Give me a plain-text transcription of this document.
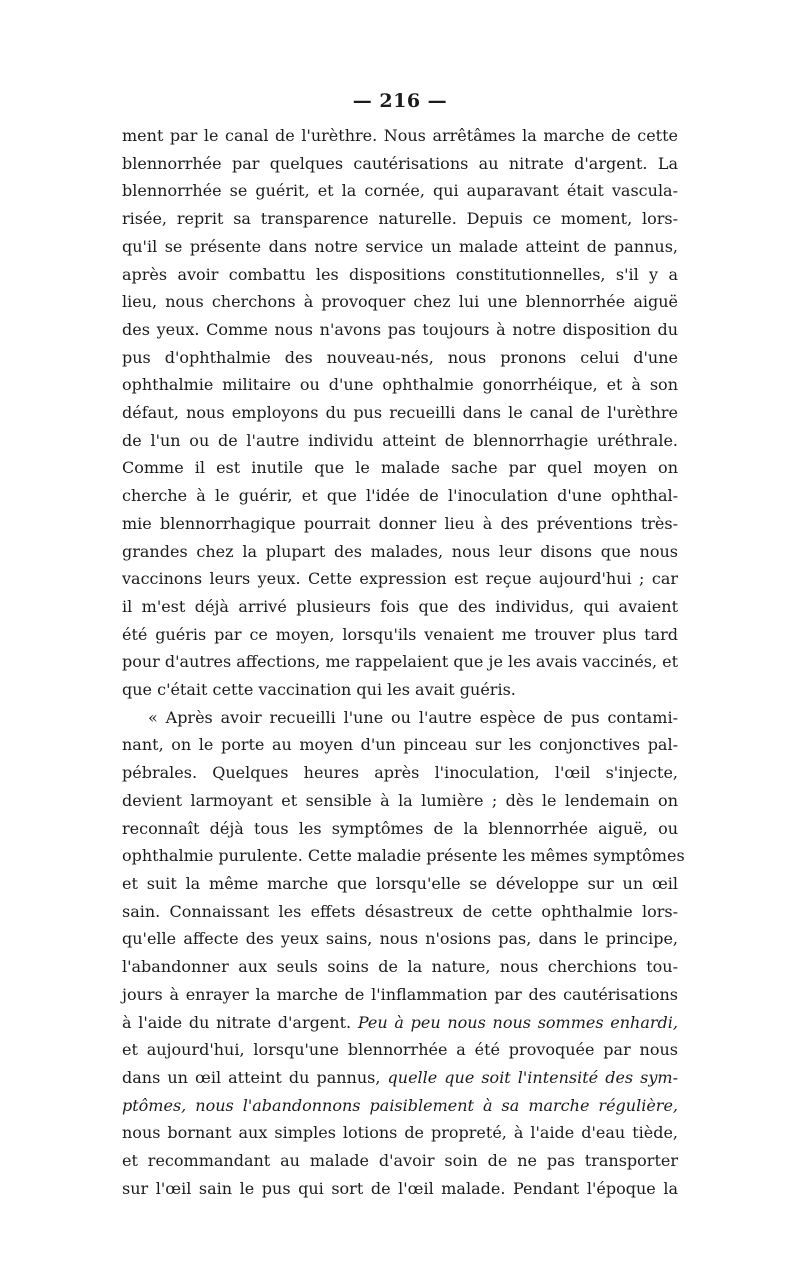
— 216 —
ment par le canal de l'urèthre. Nous arrêtâmes la marche de cette
blennorrhée par quelques cautérisations au nitrate d'argent. La
blennorrhée se guérit, et la cornée, qui auparavant était vascula-
risée, reprit sa transparence naturelle. Depuis ce moment, lors-
qu'il se présente dans notre service un malade atteint de pannus,
après avoir combattu les dispositions constitutionnelles, s'il y a
lieu, nous cherchons à provoquer chez lui une blennorrhée aiguë
des yeux. Comme nous n'avons pas toujours à notre disposition du
pus d'ophthalmie des nouveau-nés, nous pronons celui d'une
ophthalmie militaire ou d'une ophthalmie gonorrhéique, et à son
défaut, nous employons du pus recueilli dans le canal de l'urèthre
de l'un ou de l'autre individu atteint de blennorrhagie uréthrale.
Comme il est inutile que le malade sache par quel moyen on
cherche à le guérir, et que l'idée de l'inoculation d'une ophthal-
mie blennorrhagique pourrait donner lieu à des préventions très-
grandes chez la plupart des malades, nous leur disons que nous
vaccinons leurs yeux. Cette expression est reçue aujourd'hui ; car
il m'est déjà arrivé plusieurs fois que des individus, qui avaient
été guéris par ce moyen, lorsqu'ils venaient me trouver plus tard
pour d'autres affections, me rappelaient que je les avais vaccinés, et
que c'était cette vaccination qui les avait guéris.
« Après avoir recueilli l'une ou l'autre espèce de pus contami-
nant, on le porte au moyen d'un pinceau sur les conjonctives pal-
pébrales. Quelques heures après l'inoculation, l'œil s'injecte,
devient larmoyant et sensible à la lumière ; dès le lendemain on
reconnaît déjà tous les symptômes de la blennorrhée aiguë, ou
ophthalmie purulente. Cette maladie présente les mêmes symptômes
et suit la même marche que lorsqu'elle se développe sur un œil
sain. Connaissant les effets désastreux de cette ophthalmie lors-
qu'elle affecte des yeux sains, nous n'osions pas, dans le principe,
l'abandonner aux seuls soins de la nature, nous cherchions tou-
jours à enrayer la marche de l'inflammation par des cautérisations
à l'aide du nitrate d'argent. Peu à peu nous nous sommes enhardi,
et aujourd'hui, lorsqu'une blennorrhée a été provoquée par nous
dans un œil atteint du pannus, quelle que soit l'intensité des sym-
ptômes, nous l'abandonnons paisiblement à sa marche régulière,
nous bornant aux simples lotions de propreté, à l'aide d'eau tiède,
et recommandant au malade d'avoir soin de ne pas transporter
sur l'œil sain le pus qui sort de l'œil malade. Pendant l'époque la
